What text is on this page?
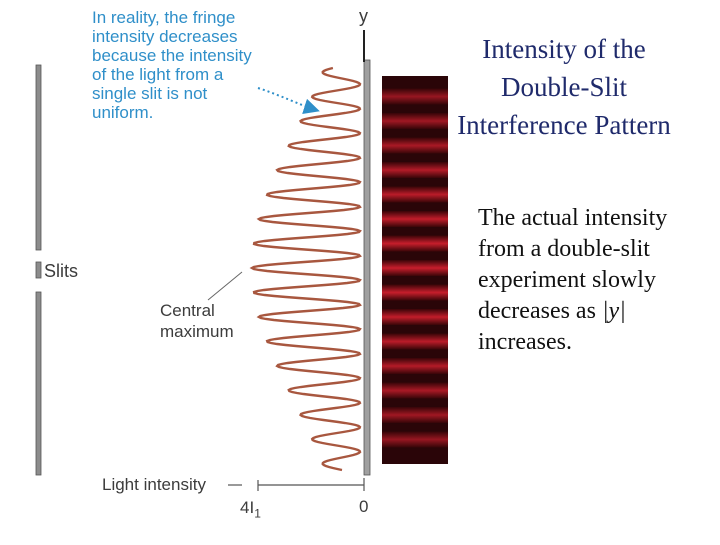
In reality, the fringe
intensity decreases
because the intensity
of the light from a
single slit is not
uniform.
y
Slits
Central
maximum
Light intensity
$4I_1$	0
Intensity of the Double-Slit Interference Pattern
The actual intensity from a double-slit experiment slowly decreases as |y| increases.
